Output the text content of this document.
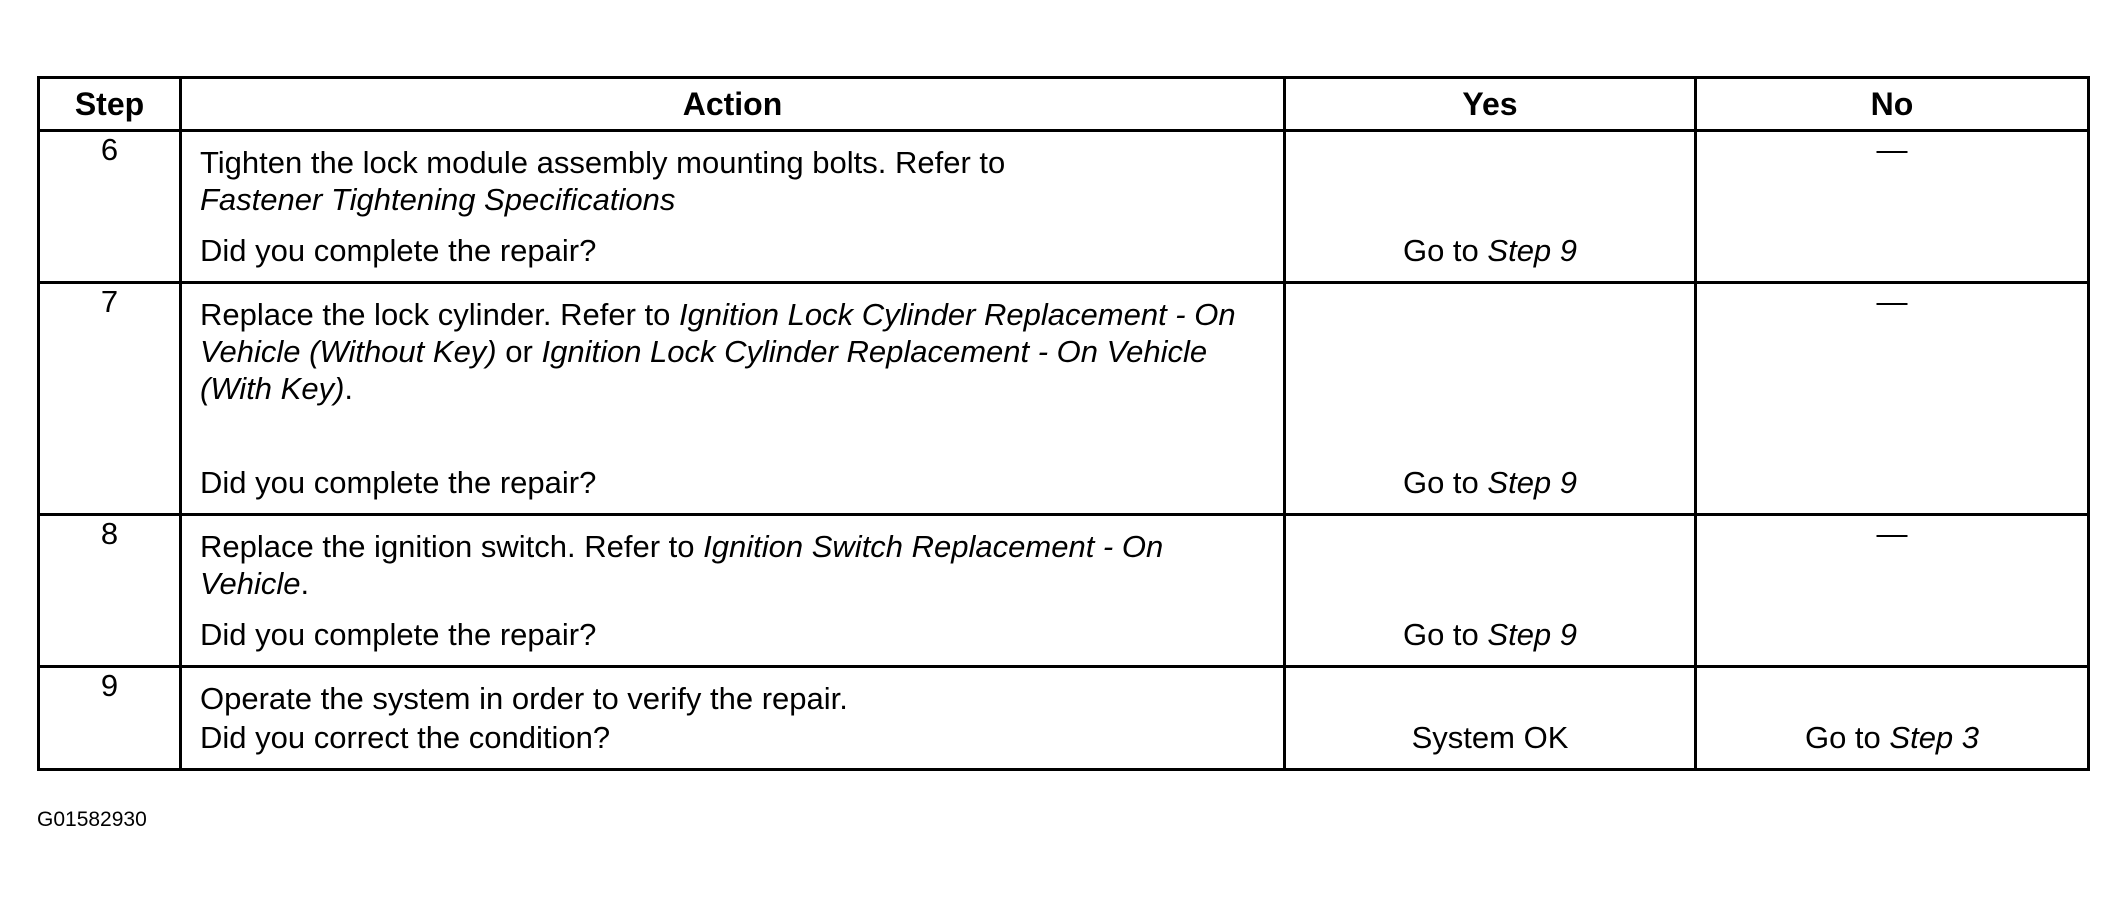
Step	Action	Yes	No
6	Tighten the lock module assembly mounting bolts. Refer to
Fastener Tightening Specifications
Did you complete the repair?	Go to Step 9	—
7	Replace the lock cylinder. Refer to Ignition Lock Cylinder Replacement - On Vehicle (Without Key) or Ignition Lock Cylinder Replacement - On Vehicle (With Key).
Did you complete the repair?	Go to Step 9	—
8	Replace the ignition switch. Refer to Ignition Switch Replacement - On Vehicle.
Did you complete the repair?	Go to Step 9	—
9	Operate the system in order to verify the repair.
Did you correct the condition?	System OK	Go to Step 3
G01582930
